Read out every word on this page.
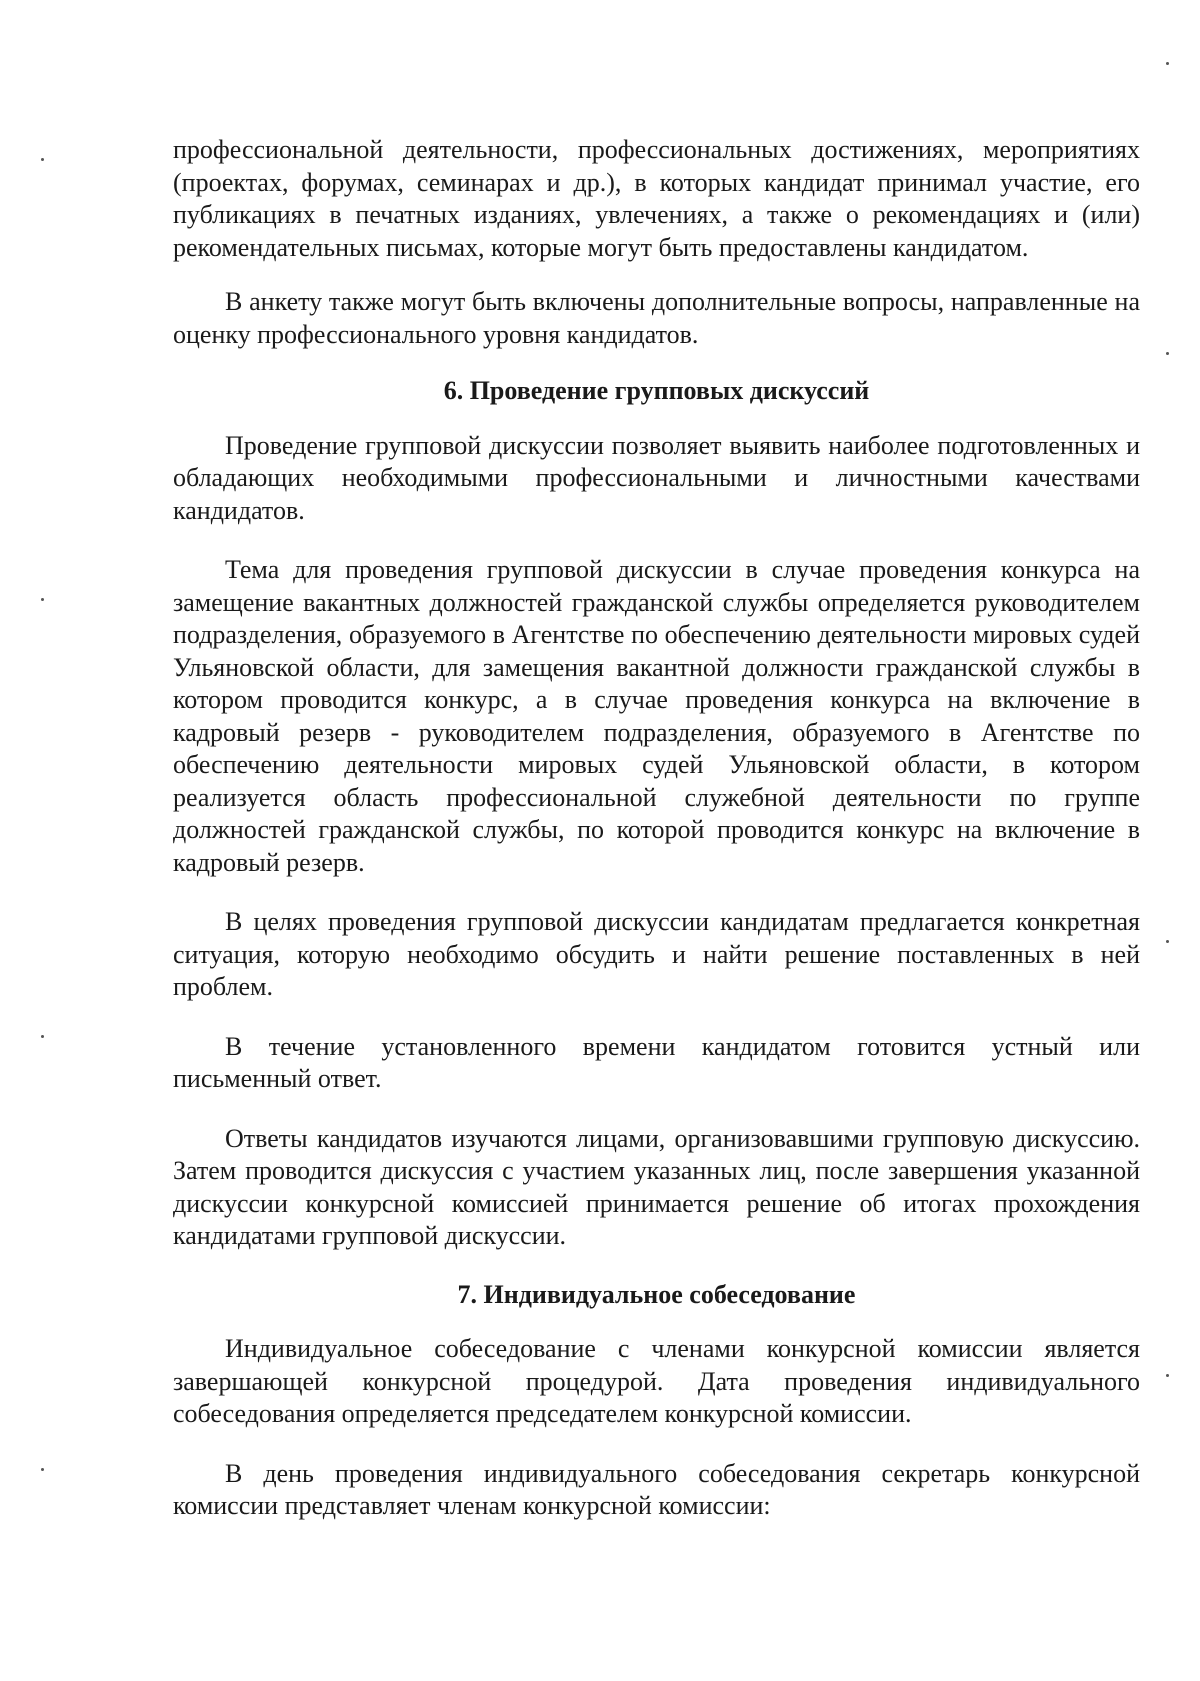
профессиональной деятельности, профессиональных достижениях, мероприятиях (проектах, форумах, семинарах и др.), в которых кандидат принимал участие, его публикациях в печатных изданиях, увлечениях, а также о рекомендациях и (или) рекомендательных письмах, которые могут быть предоставлены кандидатом.

В анкету также могут быть включены дополнительные вопросы, направленные на оценку профессионального уровня кандидатов.

6. Проведение групповых дискуссий

Проведение групповой дискуссии позволяет выявить наиболее подготовленных и обладающих необходимыми профессиональными и личностными качествами кандидатов.

Тема для проведения групповой дискуссии в случае проведения конкурса на замещение вакантных должностей гражданской службы определяется руководителем подразделения, образуемого в Агентстве по обеспечению деятельности мировых судей Ульяновской области, для замещения вакантной должности гражданской службы в котором проводится конкурс, а в случае проведения конкурса на включение в кадровый резерв - руководителем подразделения, образуемого в Агентстве по обеспечению деятельности мировых судей Ульяновской области, в котором реализуется область профессиональной служебной деятельности по группе должностей гражданской службы, по которой проводится конкурс на включение в кадровый резерв.

В целях проведения групповой дискуссии кандидатам предлагается конкретная ситуация, которую необходимо обсудить и найти решение поставленных в ней проблем.

В течение установленного времени кандидатом готовится устный или письменный ответ.

Ответы кандидатов изучаются лицами, организовавшими групповую дискуссию. Затем проводится дискуссия с участием указанных лиц, после завершения указанной дискуссии конкурсной комиссией принимается решение об итогах прохождения кандидатами групповой дискуссии.

7. Индивидуальное собеседование

Индивидуальное собеседование с членами конкурсной комиссии является завершающей конкурсной процедурой. Дата проведения индивидуального собеседования определяется председателем конкурсной комиссии.

В день проведения индивидуального собеседования секретарь конкурсной комиссии представляет членам конкурсной комиссии:
